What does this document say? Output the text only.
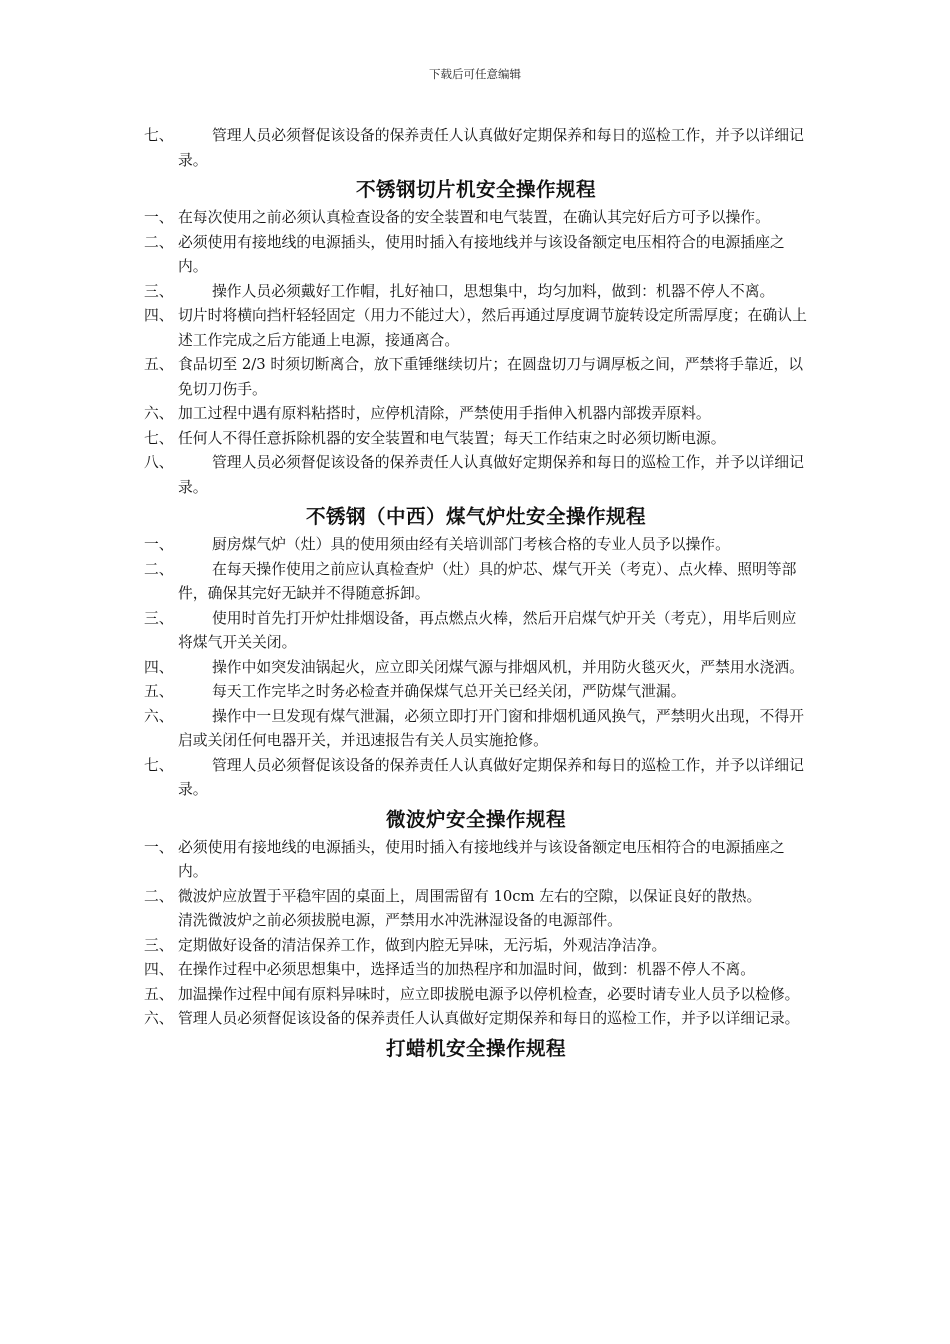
下载后可任意编辑
七、	管理人员必须督促该设备的保养责任人认真做好定期保养和每日的巡检工作，并予以详细记录。
不锈钢切片机安全操作规程
一、 在每次使用之前必须认真检查设备的安全装置和电气装置，在确认其完好后方可予以操作。
二、 必须使用有接地线的电源插头，使用时插入有接地线并与该设备额定电压相符合的电源插座之内。
三、	操作人员必须戴好工作帽，扎好袖口，思想集中，均匀加料，做到：机器不停人不离。
四、 切片时将横向挡杆轻轻固定（用力不能过大），然后再通过厚度调节旋转设定所需厚度；在确认上述工作完成之后方能通上电源，接通离合。
五、 食品切至 2/3 时须切断离合，放下重锤继续切片；在圆盘切刀与调厚板之间，严禁将手靠近，以免切刀伤手。
六、 加工过程中遇有原料粘搭时，应停机清除，严禁使用手指伸入机器内部拨弄原料。
七、 任何人不得任意拆除机器的安全装置和电气装置；每天工作结束之时必须切断电源。
八、	管理人员必须督促该设备的保养责任人认真做好定期保养和每日的巡检工作，并予以详细记录。
不锈钢（中西）煤气炉灶安全操作规程
一、	厨房煤气炉（灶）具的使用须由经有关培训部门考核合格的专业人员予以操作。
二、	在每天操作使用之前应认真检查炉（灶）具的炉芯、煤气开关（考克）、点火棒、照明等部件，确保其完好无缺并不得随意拆卸。
三、	使用时首先打开炉灶排烟设备，再点燃点火棒，然后开启煤气炉开关（考克），用毕后则应将煤气开关关闭。
四、	操作中如突发油锅起火，应立即关闭煤气源与排烟风机，并用防火毯灭火，严禁用水浇洒。
五、	每天工作完毕之时务必检查并确保煤气总开关已经关闭，严防煤气泄漏。
六、	操作中一旦发现有煤气泄漏，必须立即打开门窗和排烟机通风换气，严禁明火出现，不得开启或关闭任何电器开关，并迅速报告有关人员实施抢修。
七、	管理人员必须督促该设备的保养责任人认真做好定期保养和每日的巡检工作，并予以详细记录。
微波炉安全操作规程
一、 必须使用有接地线的电源插头，使用时插入有接地线并与该设备额定电压相符合的电源插座之内。
二、 微波炉应放置于平稳牢固的桌面上，周围需留有 10cm 左右的空隙，以保证良好的散热。
清洗微波炉之前必须拔脱电源，严禁用水冲洗淋湿设备的电源部件。
三、 定期做好设备的清洁保养工作，做到内腔无异味，无污垢，外观洁净洁净。
四、 在操作过程中必须思想集中，选择适当的加热程序和加温时间，做到：机器不停人不离。
五、 加温操作过程中闻有原料异味时，应立即拔脱电源予以停机检查，必要时请专业人员予以检修。
六、 管理人员必须督促该设备的保养责任人认真做好定期保养和每日的巡检工作，并予以详细记录。
打蜡机安全操作规程
